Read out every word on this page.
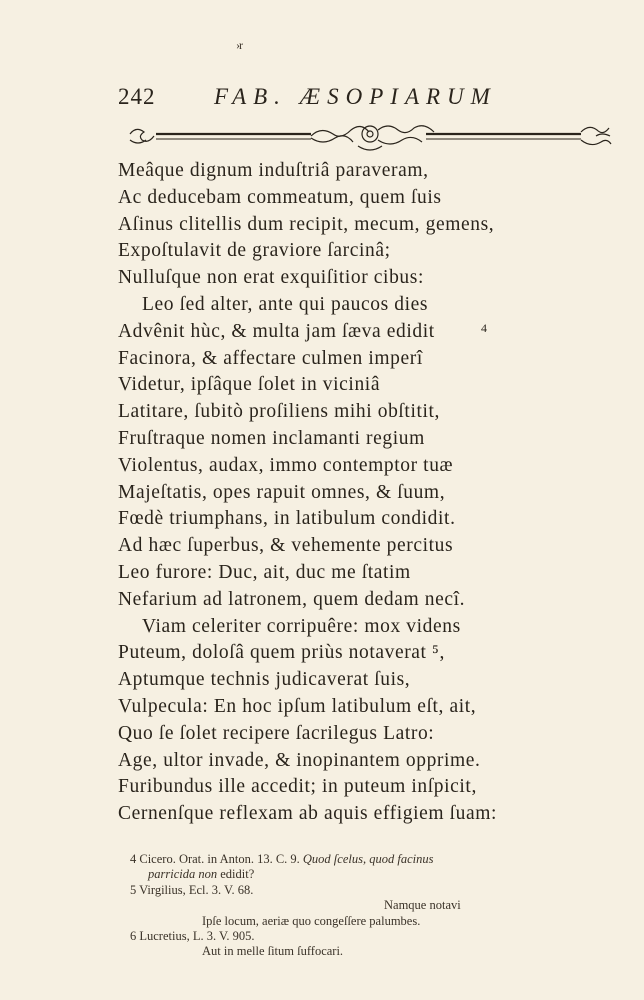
›r
242	FAB. ÆSOPIARUM
Meâque dignum induſtriâ paraveram,
Ac deducebam commeatum, quem ſuis
Aſinus clitellis dum recipit, mecum, gemens,
Expoſtulavit de graviore ſarcinâ;
Nulluſque non erat exquiſitior cibus:
Leo ſed alter, ante qui paucos dies
Advênit hùc, & multa jam ſæva edidit	4
Facinora, & affectare culmen imperî
Videtur, ipſâque ſolet in viciniâ
Latitare, ſubitò proſiliens mihi obſtitit,
Fruſtraque nomen inclamanti regium
Violentus, audax, immo contemptor tuæ
Majeſtatis, opes rapuit omnes, & ſuum,
Fœdè triumphans, in latibulum condidit.
Ad hæc ſuperbus, & vehemente percitus
Leo furore: Duc, ait, duc me ſtatim
Nefarium ad latronem, quem dedam necî.
Viam celeriter corripuêre: mox videns
Puteum, doloſâ quem priùs notaverat ⁵,
Aptumque technis judicaverat ſuis,
Vulpecula: En hoc ipſum latibulum eſt, ait,
Quo ſe ſolet recipere ſacrilegus Latro:
Age, ultor invade, & inopinantem opprime.
Furibundus ille accedit; in puteum inſpicit,
Cernenſque reflexam ab aquis effigiem ſuam:
4 Cicero. Orat. in Anton. 13. C. 9. Quod ſcelus, quod facinus
parricida non edidit?
5 Virgilius, Ecl. 3. V. 68.
Namque notavi
Ipſe locum, aeriæ quo congeſſere palumbes.
6 Lucretius, L. 3. V. 905.
Aut in melle ſitum ſuffocari.
